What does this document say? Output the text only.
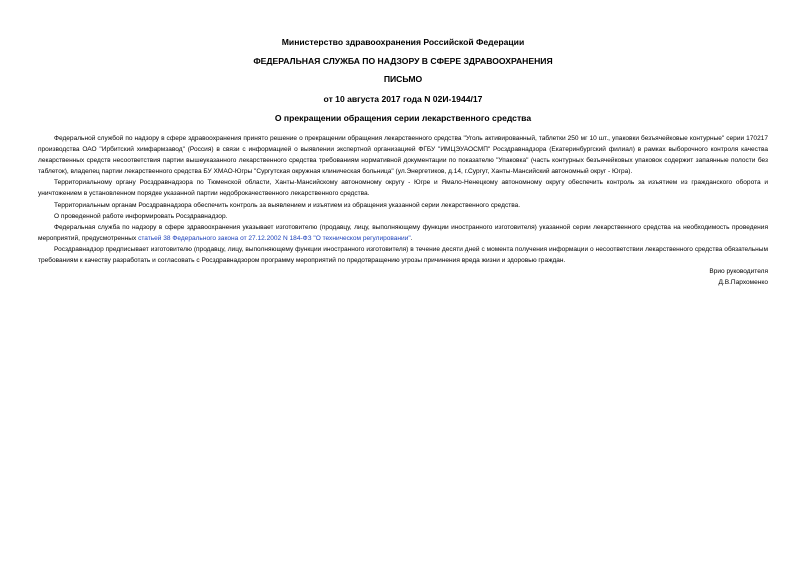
Министерство здравоохранения Российской Федерации
ФЕДЕРАЛЬНАЯ СЛУЖБА ПО НАДЗОРУ В СФЕРЕ ЗДРАВООХРАНЕНИЯ
ПИСЬМО
от 10 августа 2017 года N 02И-1944/17
О прекращении обращения серии лекарственного средства

Федеральной службой по надзору в сфере здравоохранения принято решение о прекращении обращения лекарственного средства "Уголь активированный, таблетки 250 мг 10 шт., упаковки безъячейковые контурные" серии 170217 производства ОАО "Ирбитский химфармзавод" (Россия) в связи с информацией о выявлении экспертной организацией ФГБУ "ИМЦЭУАОСМП" Росздравнадзора (Екатеринбургский филиал) в рамках выборочного контроля качества лекарственных средств несоответствия партии вышеуказанного лекарственного средства требованиям нормативной документации по показателю "Упаковка" (часть контурных безъячейковых упаковок содержит запаянные полости без таблеток), владелец партии лекарственного средства БУ ХМАО-Югры "Сургутская окружная клиническая больница" (ул.Энергетиков, д.14, г.Сургут, Ханты-Мансийский автономный округ - Югра).

Территориальному органу Росздравнадзора по Тюменской области, Ханты-Мансийскому автономному округу - Югре и Ямало-Ненецкому автономному округу обеспечить контроль за изъятием из гражданского оборота и уничтожением в установленном порядке указанной партии недоброкачественного лекарственного средства.

Территориальным органам Росздравнадзора обеспечить контроль за выявлением и изъятием из обращения указанной серии лекарственного средства.

О проведенной работе информировать Росздравнадзор.

Федеральная служба по надзору в сфере здравоохранения указывает изготовителю (продавцу, лицу, выполняющему функции иностранного изготовителя) указанной серии лекарственного средства на необходимость проведения мероприятий, предусмотренных статьей 38 Федерального закона от 27.12.2002 N 184-ФЗ "О техническом регулировании".

Росздравнадзор предписывает изготовителю (продавцу, лицу, выполняющему функции иностранного изготовителя) в течение десяти дней с момента получения информации о несоответствии лекарственного средства обязательным требованиям к качеству разработать и согласовать с Росздравнадзором программу мероприятий по предотвращению угрозы причинения вреда жизни и здоровью граждан.

Врио руководителя

Д.В.Пархоменко
